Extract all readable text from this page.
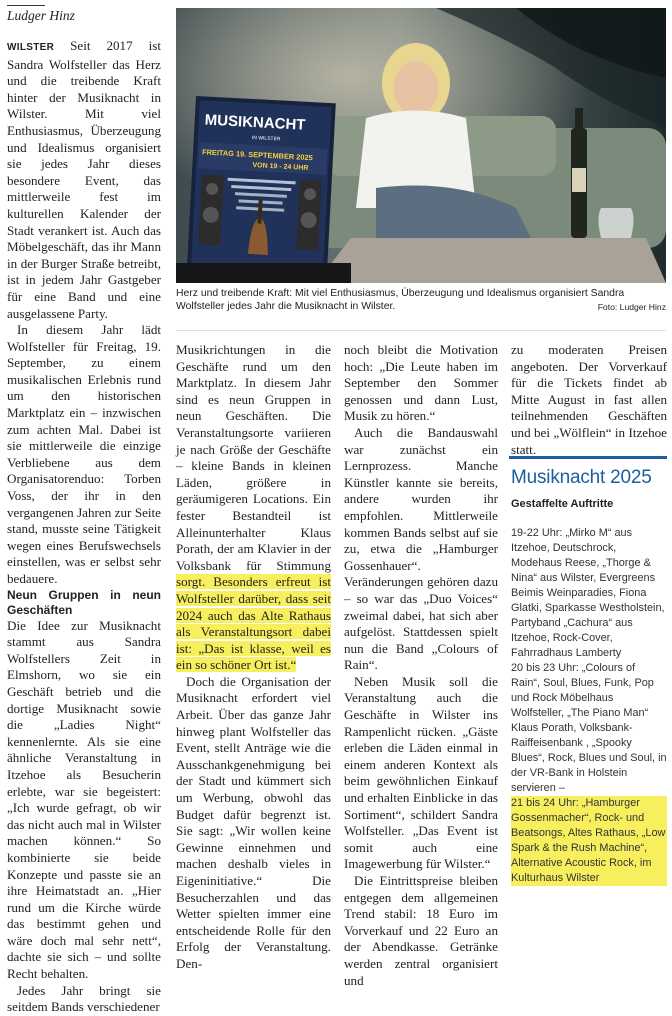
Ludger Hinz

WILSTER Seit 2017 ist Sandra Wolfsteller das Herz und die treibende Kraft hinter der Musiknacht in Wilster. Mit viel Enthusiasmus, Überzeugung und Idealismus organisiert sie jedes Jahr dieses besondere Event, das mittlerweile fest im kulturellen Kalender der Stadt verankert ist. Auch das Möbelgeschäft, das ihr Mann in der Burger Straße betreibt, ist in jedem Jahr Gastgeber für eine Band und eine ausgelassene Party.

In diesem Jahr lädt Wolfsteller für Freitag, 19. September, zu einem musikalischen Erlebnis rund um den historischen Marktplatz ein – inzwischen zum achten Mal. Dabei ist sie mittlerweile die einzige Verbliebene aus dem Organisatorenduo: Torben Voss, der ihr in den vergangenen Jahren zur Seite stand, musste seine Tätigkeit wegen eines Berufswechsels einstellen, was er selbst sehr bedauere.

Neun Gruppen in neun Geschäften

Die Idee zur Musiknacht stammt aus Sandra Wolfstellers Zeit in Elmshorn, wo sie ein Geschäft betrieb und die dortige Musiknacht sowie die „Ladies Night“ kennenlernte. Als sie eine ähnliche Veranstaltung in Itzehoe als Besucherin erlebte, war sie begeistert: „Ich wurde gefragt, ob wir das nicht auch mal in Wilster machen können.“ So kombinierte sie beide Konzepte und passte sie an ihre Heimatstadt an. „Hier rund um die Kirche würde das bestimmt gehen und wäre doch mal sehr nett“, dachte sie sich – und sollte Recht behalten.

Jedes Jahr bringt sie seitdem Bands verschiedener

MUSIKNACHT
IN WILSTER
FREITAG 19. SEPTEMBER 2025
VON 19 - 24 UHR
Herz und treibende Kraft: Mit viel Enthusiasmus, Überzeugung und Idealismus organisiert Sandra Wolfsteller jedes Jahr die Musiknacht in Wilster.	Foto: Ludger Hinz

Musikrichtungen in die Geschäfte rund um den Marktplatz. In diesem Jahr sind es neun Gruppen in neun Geschäften. Die Veranstaltungsorte variieren je nach Größe der Geschäfte – kleine Bands in kleinen Läden, größere in geräumigeren Locations. Ein fester Bestandteil ist Alleinunterhalter Klaus Porath, der am Klavier in der Volksbank für Stimmung sorgt. Besonders erfreut ist Wolfsteller darüber, dass seit 2024 auch das Alte Rathaus als Veranstaltungsort dabei ist: „Das ist klasse, weil es ein so schöner Ort ist.“

Doch die Organisation der Musiknacht erfordert viel Arbeit. Über das ganze Jahr hinweg plant Wolfsteller das Event, stellt Anträge wie die Ausschankgenehmigung bei der Stadt und kümmert sich um Werbung, obwohl das Budget dafür begrenzt ist. Sie sagt: „Wir wollen keine Gewinne einnehmen und machen deshalb vieles in Eigeninitiative.“ Die Besucherzahlen und das Wetter spielten immer eine entscheidende Rolle für den Erfolg der Veranstaltung. Den-

noch bleibt die Motivation hoch: „Die Leute haben im September den Sommer genossen und dann Lust, Musik zu hören.“

Auch die Bandauswahl war zunächst ein Lernprozess. Manche Künstler kannte sie bereits, andere wurden ihr empfohlen. Mittlerweile kommen Bands selbst auf sie zu, etwa die „Hamburger Gossenhauer“. Veränderungen gehören dazu – so war das „Duo Voices“ zweimal dabei, hat sich aber aufgelöst. Stattdessen spielt nun die Band „Colours of Rain“.

Neben Musik soll die Veranstaltung auch die Geschäfte in Wilster ins Rampenlicht rücken. „Gäste erleben die Läden einmal in einem anderen Kontext als beim gewöhnlichen Einkauf und erhalten Einblicke in das Sortiment“, schildert Sandra Wolfsteller. „Das Event ist somit auch eine Imagewerbung für Wilster.“

Die Eintrittspreise bleiben entgegen dem allgemeinen Trend stabil: 18 Euro im Vorverkauf und 22 Euro an der Abendkasse. Getränke werden zentral organisiert und

zu moderaten Preisen angeboten. Der Vorverkauf für die Tickets findet ab Mitte August in fast allen teilnehmenden Geschäften und bei „Wölflein“ in Itzehoe statt.

Musiknacht 2025
Gestaffelte Auftritte

19-22 Uhr: „Mirko M“ aus Itzehoe, Deutschrock, Modehaus Reese, „Thorge & Nina“ aus Wilster, Evergreens Beimis Weinparadies, Fiona Glatki, Sparkasse Westholstein, Partyband „Cachura“ aus Itzehoe, Rock-Cover, Fahrradhaus Lamberty

20 bis 23 Uhr: „Colours of Rain“, Soul, Blues, Funk, Pop und Rock Möbelhaus Wolfsteller, „The Piano Man“ Klaus Porath, Volksbank-Raiffeisenbank , „Spooky Blues“, Rock, Blues und Soul, in der VR-Bank in Holstein servieren –

21 bis 24 Uhr: „Hamburger Gossenmacher“, Rock- und Beatsongs, Altes Rathaus, „Low Spark & the Rush Machine“, Alternative Acoustic Rock, im Kulturhaus Wilster
